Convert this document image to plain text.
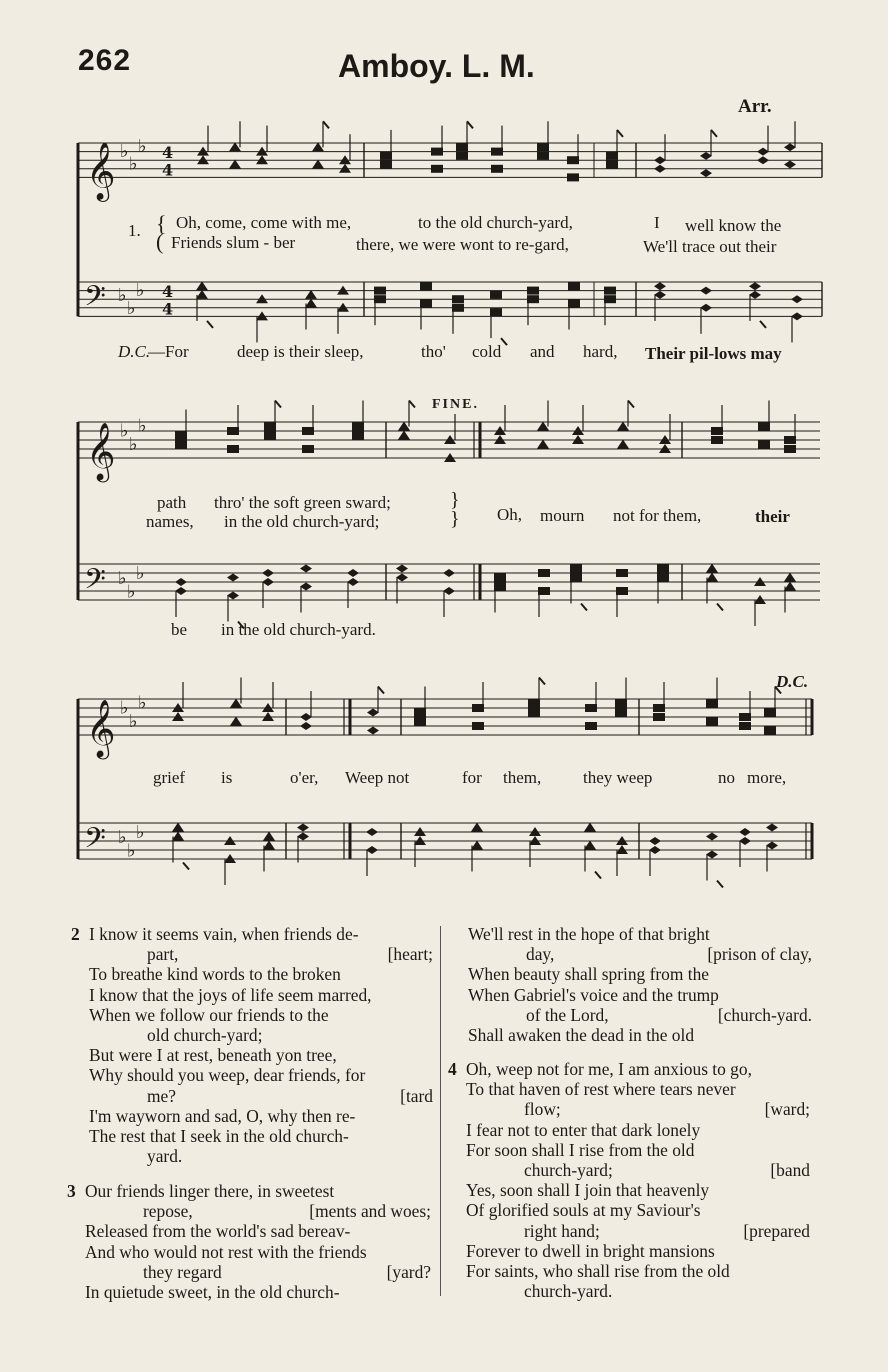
262	Amboy. L. M.
Arr.
𝄞
𝄢
♭
♭
♭
♭
♭
♭
4
4
4
4
1. { Oh, come, come with me,	to the old church-yard,	I well know the
( Friends slum - ber	there, we were wont to re-gard,	We'll trace out their
D.C.
—For	deep is their sleep,	tho' cold and hard, Their pil-lows may
FINE.
𝄞
𝄢
♭
♭
♭
♭
♭
♭
path thro' the soft green sward;	}
names, in the old church-yard;	} Oh, mourn not for them,	their
be in the old church-yard.
D.C.
𝄞
𝄢
♭
♭
♭
♭
♭
♭
grief is	o'er, Weep not	for them, they weep	no more,
2 I know it seems vain, when friends de-
part,	[heart;
To breathe kind words to the broken
I know that the joys of life seem marred,
When we follow our friends to the
old church-yard;
But were I at rest, beneath yon tree,
Why should you weep, dear friends, for
me?	[tard
I'm wayworn and sad, O, why then re-
The rest that I seek in the old church-
yard.
3 Our friends linger there, in sweetest
repose,	[ments and woes;
Released from the world's sad bereav-
And who would not rest with the friends
they regard	[yard?
In quietude sweet, in the old church-
We'll rest in the hope of that bright
day,	[prison of clay,
When beauty shall spring from the
When Gabriel's voice and the trump
of the Lord,	[church-yard.
Shall awaken the dead in the old
4 Oh, weep not for me, I am anxious to go,
To that haven of rest where tears never
flow;	[ward;
I fear not to enter that dark lonely
For soon shall I rise from the old
church-yard;	[band
Yes, soon shall I join that heavenly
Of glorified souls at my Saviour's
right hand;	[prepared
Forever to dwell in bright mansions
For saints, who shall rise from the old
church-yard.
